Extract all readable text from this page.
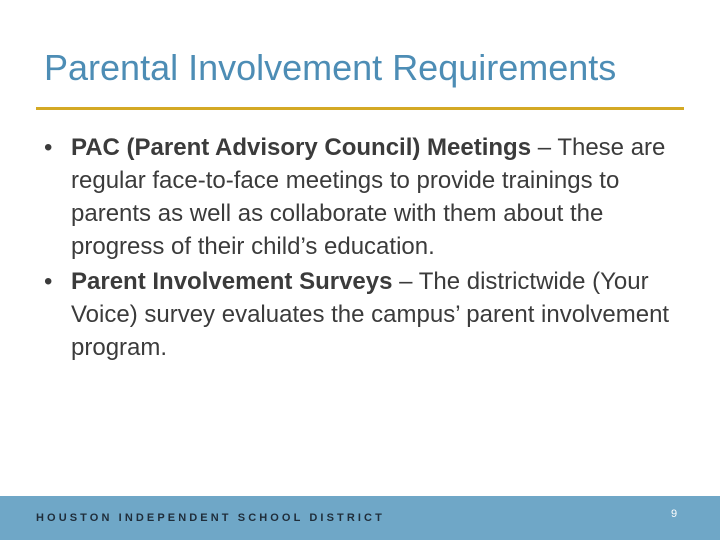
Parental Involvement Requirements
• PAC (Parent Advisory Council) Meetings – These are regular face-to-face meetings to provide trainings to parents as well as collaborate with them about the progress of their child’s education.
• Parent Involvement Surveys – The districtwide (Your Voice) survey evaluates the campus’ parent involvement program.
HOUSTON INDEPENDENT SCHOOL DISTRICT	9
